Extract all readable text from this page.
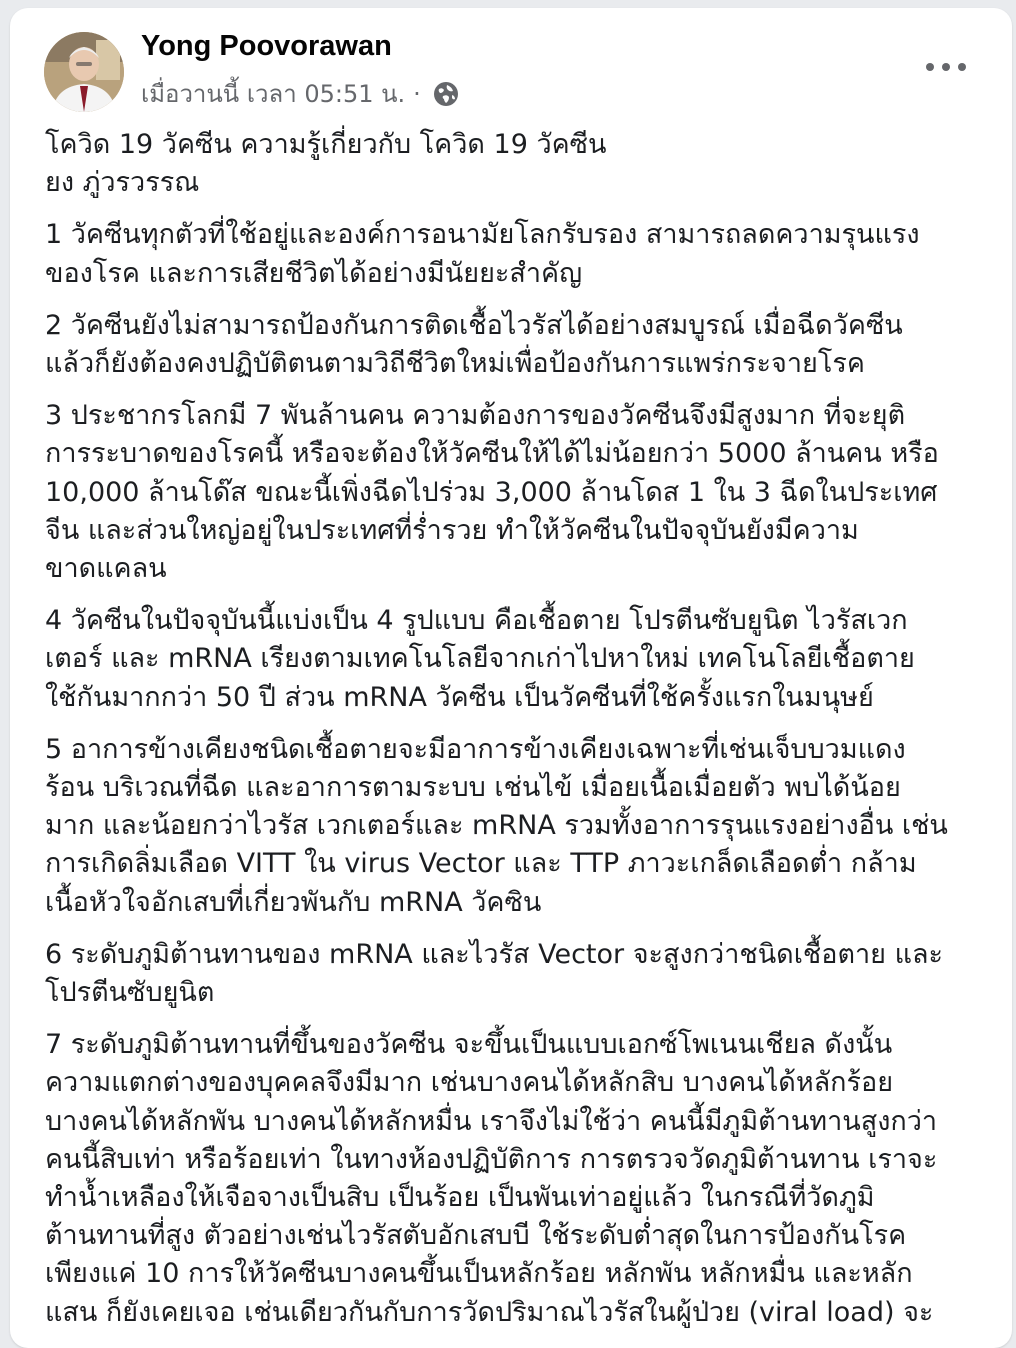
Yong Poovorawan
เมื่อวานนี้ เวลา 05:51 น. ·

โควิด 19 วัคซีน ความรู้เกี่ยวกับ โควิด 19 วัคซีน
ยง ภู่วรวรรณ

1 วัคซีนทุกตัวที่ใช้อยู่และองค์การอนามัยโลกรับรอง สามารถลดความรุนแรง
ของโรค และการเสียชีวิตได้อย่างมีนัยยะสำคัญ

2 วัคซีนยังไม่สามารถป้องกันการติดเชื้อไวรัสได้อย่างสมบูรณ์ เมื่อฉีดวัคซีน
แล้วก็ยังต้องคงปฏิบัติตนตามวิถีชีวิตใหม่เพื่อป้องกันการแพร่กระจายโรค

3 ประชากรโลกมี 7 พันล้านคน ความต้องการของวัคซีนจึงมีสูงมาก ที่จะยุติ
การระบาดของโรคนี้ หรือจะต้องให้วัคซีนให้ได้ไม่น้อยกว่า 5000 ล้านคน หรือ
10,000 ล้านโด๊ส ขณะนี้เพิ่งฉีดไปร่วม 3,000 ล้านโดส 1 ใน 3 ฉีดในประเทศ
จีน และส่วนใหญ่อยู่ในประเทศที่ร่ำรวย ทำให้วัคซีนในปัจจุบันยังมีความ
ขาดแคลน

4 วัคซีนในปัจจุบันนี้แบ่งเป็น 4 รูปแบบ คือเชื้อตาย โปรตีนซับยูนิต ไวรัสเวก
เตอร์ และ mRNA เรียงตามเทคโนโลยีจากเก่าไปหาใหม่ เทคโนโลยีเชื้อตาย
ใช้กันมากกว่า 50 ปี ส่วน mRNA วัคซีน เป็นวัคซีนที่ใช้ครั้งแรกในมนุษย์

5 อาการข้างเคียงชนิดเชื้อตายจะมีอาการข้างเคียงเฉพาะที่เช่นเจ็บบวมแดง
ร้อน บริเวณที่ฉีด และอาการตามระบบ เช่นไข้ เมื่อยเนื้อเมื่อยตัว พบได้น้อย
มาก และน้อยกว่าไวรัส เวกเตอร์และ mRNA รวมทั้งอาการรุนแรงอย่างอื่น เช่น
การเกิดลิ่มเลือด VITT ใน virus Vector และ TTP ภาวะเกล็ดเลือดต่ำ กล้าม
เนื้อหัวใจอักเสบที่เกี่ยวพันกับ mRNA วัคซิน

6 ระดับภูมิต้านทานของ mRNA และไวรัส Vector จะสูงกว่าชนิดเชื้อตาย และ
โปรตีนซับยูนิต

7 ระดับภูมิต้านทานที่ขึ้นของวัคซีน จะขึ้นเป็นแบบเอกซ์โพเนนเชียล ดังนั้น
ความแตกต่างของบุคคลจึงมีมาก เช่นบางคนได้หลักสิบ บางคนได้หลักร้อย
บางคนได้หลักพัน บางคนได้หลักหมื่น เราจึงไม่ใช้ว่า คนนี้มีภูมิต้านทานสูงกว่า
คนนี้สิบเท่า หรือร้อยเท่า ในทางห้องปฏิบัติการ การตรวจวัดภูมิต้านทาน เราจะ
ทำน้ำเหลืองให้เจือจางเป็นสิบ เป็นร้อย เป็นพันเท่าอยู่แล้ว ในกรณีที่วัดภูมิ
ต้านทานที่สูง ตัวอย่างเช่นไวรัสตับอักเสบบี ใช้ระดับต่ำสุดในการป้องกันโรค
เพียงแค่ 10 การให้วัคซีนบางคนขึ้นเป็นหลักร้อย หลักพัน หลักหมื่น และหลัก
แสน ก็ยังเคยเจอ เช่นเดียวกันกับการวัดปริมาณไวรัสในผู้ป่วย (viral load) จะ
